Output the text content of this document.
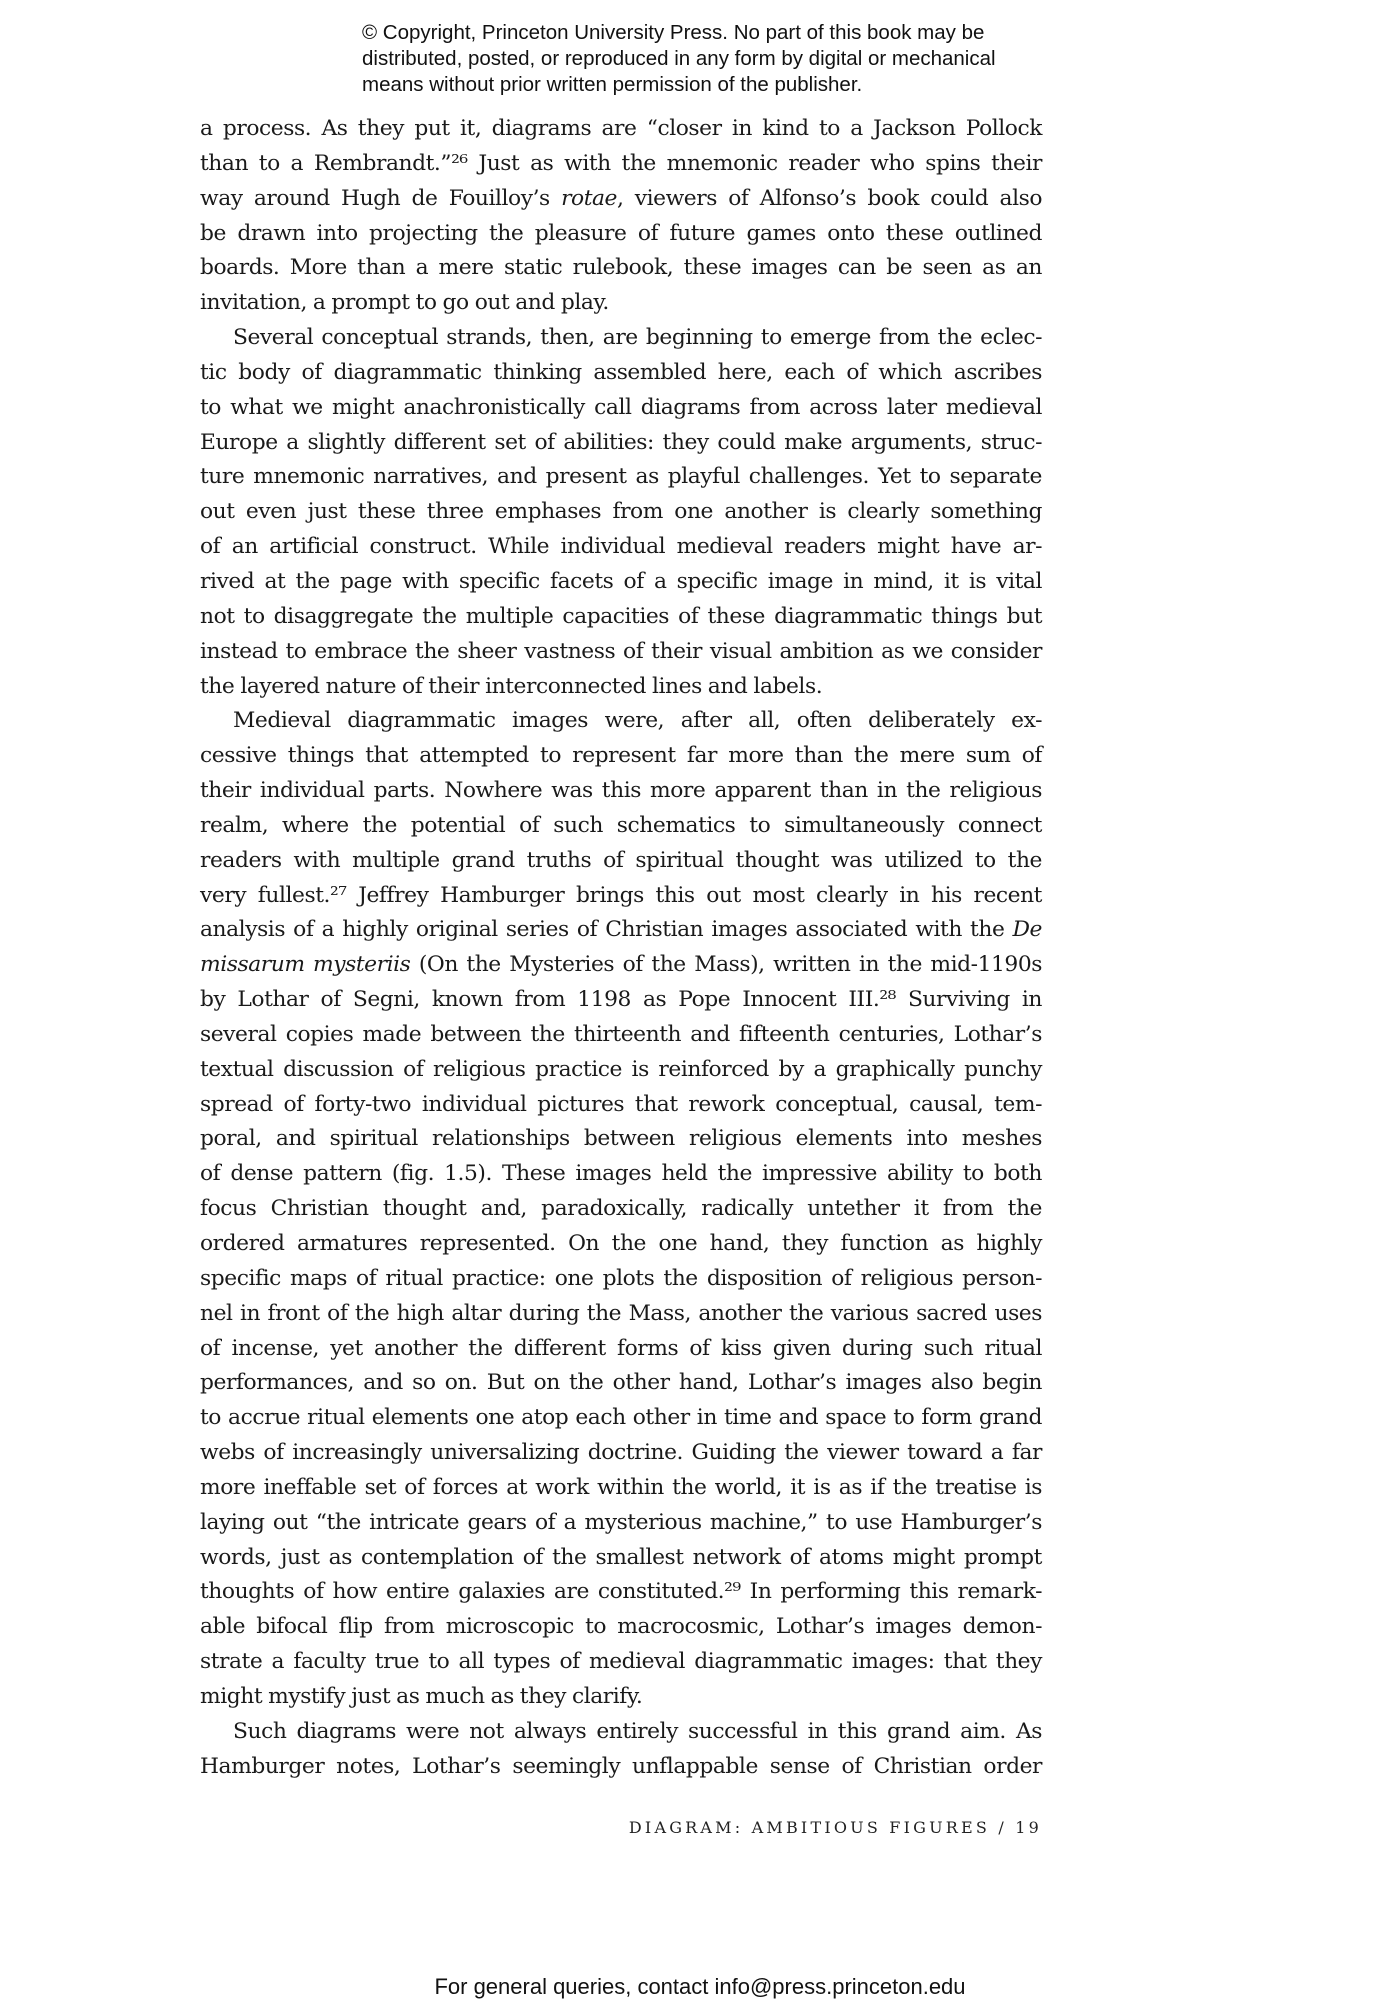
© Copyright, Princeton University Press. No part of this book may be
distributed, posted, or reproduced in any form by digital or mechanical
means without prior written permission of the publisher.
a process. As they put it, diagrams are “closer in kind to a Jackson Pollock
than to a Rembrandt.”²⁶ Just as with the mnemonic reader who spins their
way around Hugh de Fouilloy’s rotae, viewers of Alfonso’s book could also
be drawn into projecting the pleasure of future games onto these outlined
boards. More than a mere static rulebook, these images can be seen as an
invitation, a prompt to go out and play.
Several conceptual strands, then, are beginning to emerge from the eclec-
tic body of diagrammatic thinking assembled here, each of which ascribes
to what we might anachronistically call diagrams from across later medieval
Europe a slightly different set of abilities: they could make arguments, struc-
ture mnemonic narratives, and present as playful challenges. Yet to separate
out even just these three emphases from one another is clearly something
of an artificial construct. While individual medieval readers might have ar-
rived at the page with specific facets of a specific image in mind, it is vital
not to disaggregate the multiple capacities of these diagrammatic things but
instead to embrace the sheer vastness of their visual ambition as we consider
the layered nature of their interconnected lines and labels.
Medieval diagrammatic images were, after all, often deliberately ex-
cessive things that attempted to represent far more than the mere sum of
their individual parts. Nowhere was this more apparent than in the religious
realm, where the potential of such schematics to simultaneously connect
readers with multiple grand truths of spiritual thought was utilized to the
very fullest.²⁷ Jeffrey Hamburger brings this out most clearly in his recent
analysis of a highly original series of Christian images associated with the De
missarum mysteriis (On the Mysteries of the Mass), written in the mid-1190s
by Lothar of Segni, known from 1198 as Pope Innocent III.²⁸ Surviving in
several copies made between the thirteenth and fifteenth centuries, Lothar’s
textual discussion of religious practice is reinforced by a graphically punchy
spread of forty-two individual pictures that rework conceptual, causal, tem-
poral, and spiritual relationships between religious elements into meshes
of dense pattern (fig. 1.5). These images held the impressive ability to both
focus Christian thought and, paradoxically, radically untether it from the
ordered armatures represented. On the one hand, they function as highly
specific maps of ritual practice: one plots the disposition of religious person-
nel in front of the high altar during the Mass, another the various sacred uses
of incense, yet another the different forms of kiss given during such ritual
performances, and so on. But on the other hand, Lothar’s images also begin
to accrue ritual elements one atop each other in time and space to form grand
webs of increasingly universalizing doctrine. Guiding the viewer toward a far
more ineffable set of forces at work within the world, it is as if the treatise is
laying out “the intricate gears of a mysterious machine,” to use Hamburger’s
words, just as contemplation of the smallest network of atoms might prompt
thoughts of how entire galaxies are constituted.²⁹ In performing this remark-
able bifocal flip from microscopic to macrocosmic, Lothar’s images demon-
strate a faculty true to all types of medieval diagrammatic images: that they
might mystify just as much as they clarify.
Such diagrams were not always entirely successful in this grand aim. As
Hamburger notes, Lothar’s seemingly unflappable sense of Christian order
DIAGRAM: AMBITIOUS FIGURES / 19
For general queries, contact info@press.princeton.edu
